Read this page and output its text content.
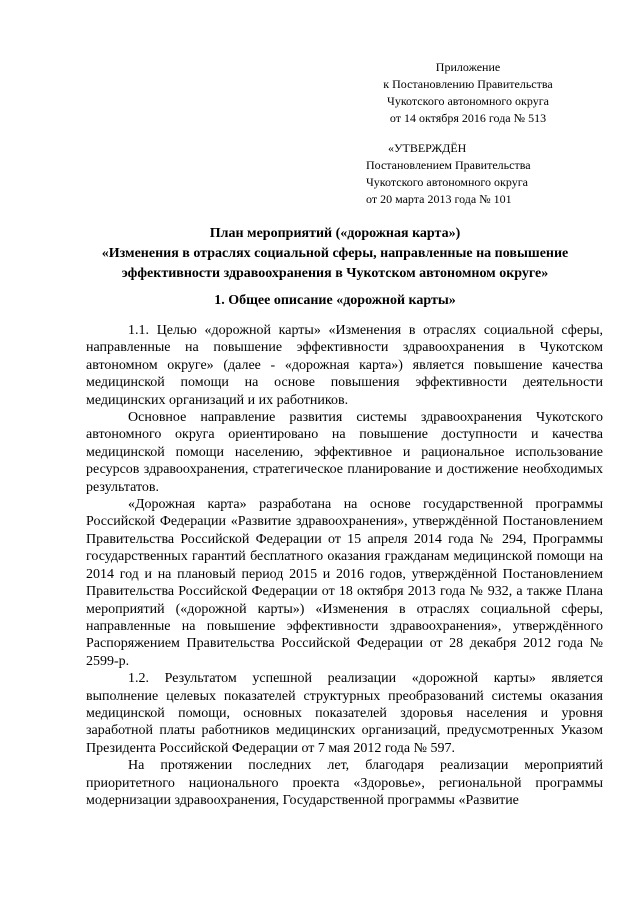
Приложение
к Постановлению Правительства
Чукотского автономного округа
от 14 октября 2016 года № 513
«УТВЕРЖДЁН
Постановлением Правительства
Чукотского автономного округа
от 20 марта 2013 года № 101
План мероприятий («дорожная карта»)
«Изменения в отраслях социальной сферы, направленные на повышение
эффективности здравоохранения в Чукотском автономном округе»
1. Общее описание «дорожной карты»

1.1. Целью «дорожной карты» «Изменения в отраслях социальной сферы, направленные на повышение эффективности здравоохранения в Чукотском автономном округе» (далее - «дорожная карта») является повышение качества медицинской помощи на основе повышения эффективности деятельности медицинских организаций и их работников.

Основное направление развития системы здравоохранения Чукотского автономного округа ориентировано на повышение доступности и качества медицинской помощи населению, эффективное и рациональное использование ресурсов здравоохранения, стратегическое планирование и достижение необходимых результатов.

«Дорожная карта» разработана на основе государственной программы Российской Федерации «Развитие здравоохранения», утверждённой Постановлением Правительства Российской Федерации от 15 апреля 2014 года № 294, Программы государственных гарантий бесплатного оказания гражданам медицинской помощи на 2014 год и на плановый период 2015 и 2016 годов, утверждённой Постановлением Правительства Российской Федерации от 18 октября 2013 года № 932, а также Плана мероприятий («дорожной карты») «Изменения в отраслях социальной сферы, направленные на повышение эффективности здравоохранения», утверждённого Распоряжением Правительства Российской Федерации от 28 декабря 2012 года № 2599-р.

1.2. Результатом успешной реализации «дорожной карты» является выполнение целевых показателей структурных преобразований системы оказания медицинской помощи, основных показателей здоровья населения и уровня заработной платы работников медицинских организаций, предусмотренных Указом Президента Российской Федерации от 7 мая 2012 года № 597.

На протяжении последних лет, благодаря реализации мероприятий приоритетного национального проекта «Здоровье», региональной программы модернизации здравоохранения, Государственной программы «Развитие
